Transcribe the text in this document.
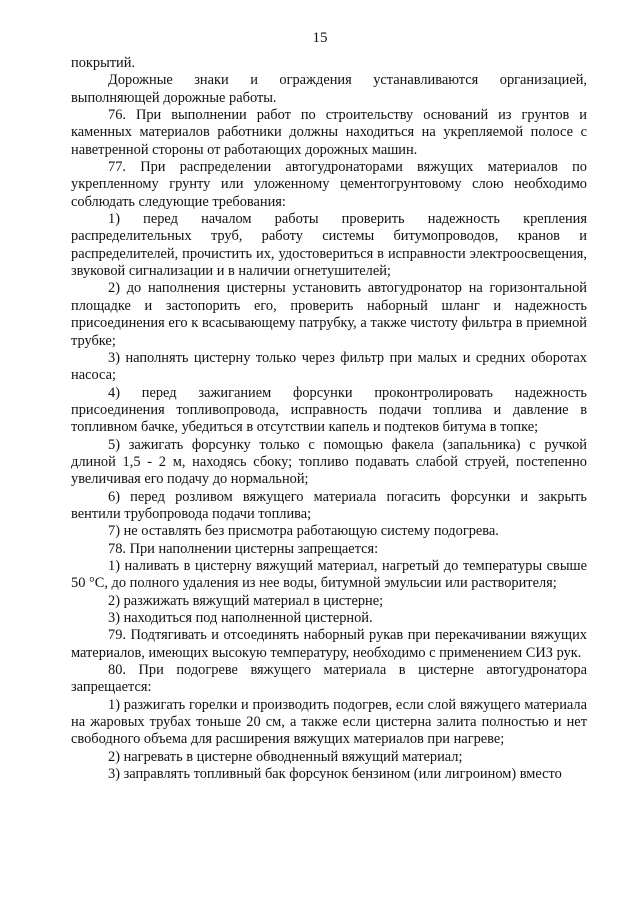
15

покрытий.

Дорожные знаки и ограждения устанавливаются организацией, выполняющей дорожные работы.

76. При выполнении работ по строительству оснований из грунтов и каменных материалов работники должны находиться на укрепляемой полосе с наветренной стороны от работающих дорожных машин.

77. При распределении автогудронаторами вяжущих материалов по укрепленному грунту или уложенному цементогрунтовому слою необходимо соблюдать следующие требования:

1) перед началом работы проверить надежность крепления распределительных труб, работу системы битумопроводов, кранов и распределителей, прочистить их, удостовериться в исправности электроосвещения, звуковой сигнализации и в наличии огнетушителей;

2) до наполнения цистерны установить автогудронатор на горизонтальной площадке и застопорить его, проверить наборный шланг и надежность присоединения его к всасывающему патрубку, а также чистоту фильтра в приемной трубке;

3) наполнять цистерну только через фильтр при малых и средних оборотах насоса;

4) перед зажиганием форсунки проконтролировать надежность присоединения топливопровода, исправность подачи топлива и давление в топливном бачке, убедиться в отсутствии капель и подтеков битума в топке;

5) зажигать форсунку только с помощью факела (запальника) с ручкой длиной 1,5 - 2 м, находясь сбоку; топливо подавать слабой струей, постепенно увеличивая его подачу до нормальной;

6) перед розливом вяжущего материала погасить форсунки и закрыть вентили трубопровода подачи топлива;

7) не оставлять без присмотра работающую систему подогрева.

78. При наполнении цистерны запрещается:

1) наливать в цистерну вяжущий материал, нагретый до температуры свыше 50 °С, до полного удаления из нее воды, битумной эмульсии или растворителя;

2) разжижать вяжущий материал в цистерне;

3) находиться под наполненной цистерной.

79. Подтягивать и отсоединять наборный рукав при перекачивании вяжущих материалов, имеющих высокую температуру, необходимо с применением СИЗ рук.

80. При подогреве вяжущего материала в цистерне автогудронатора запрещается:

1) разжигать горелки и производить подогрев, если слой вяжущего материала на жаровых трубах тоньше 20 см, а также если цистерна залита полностью и нет свободного объема для расширения вяжущих материалов при нагреве;

2) нагревать в цистерне обводненный вяжущий материал;

3) заправлять топливный бак форсунок бензином (или лигроином) вместо
